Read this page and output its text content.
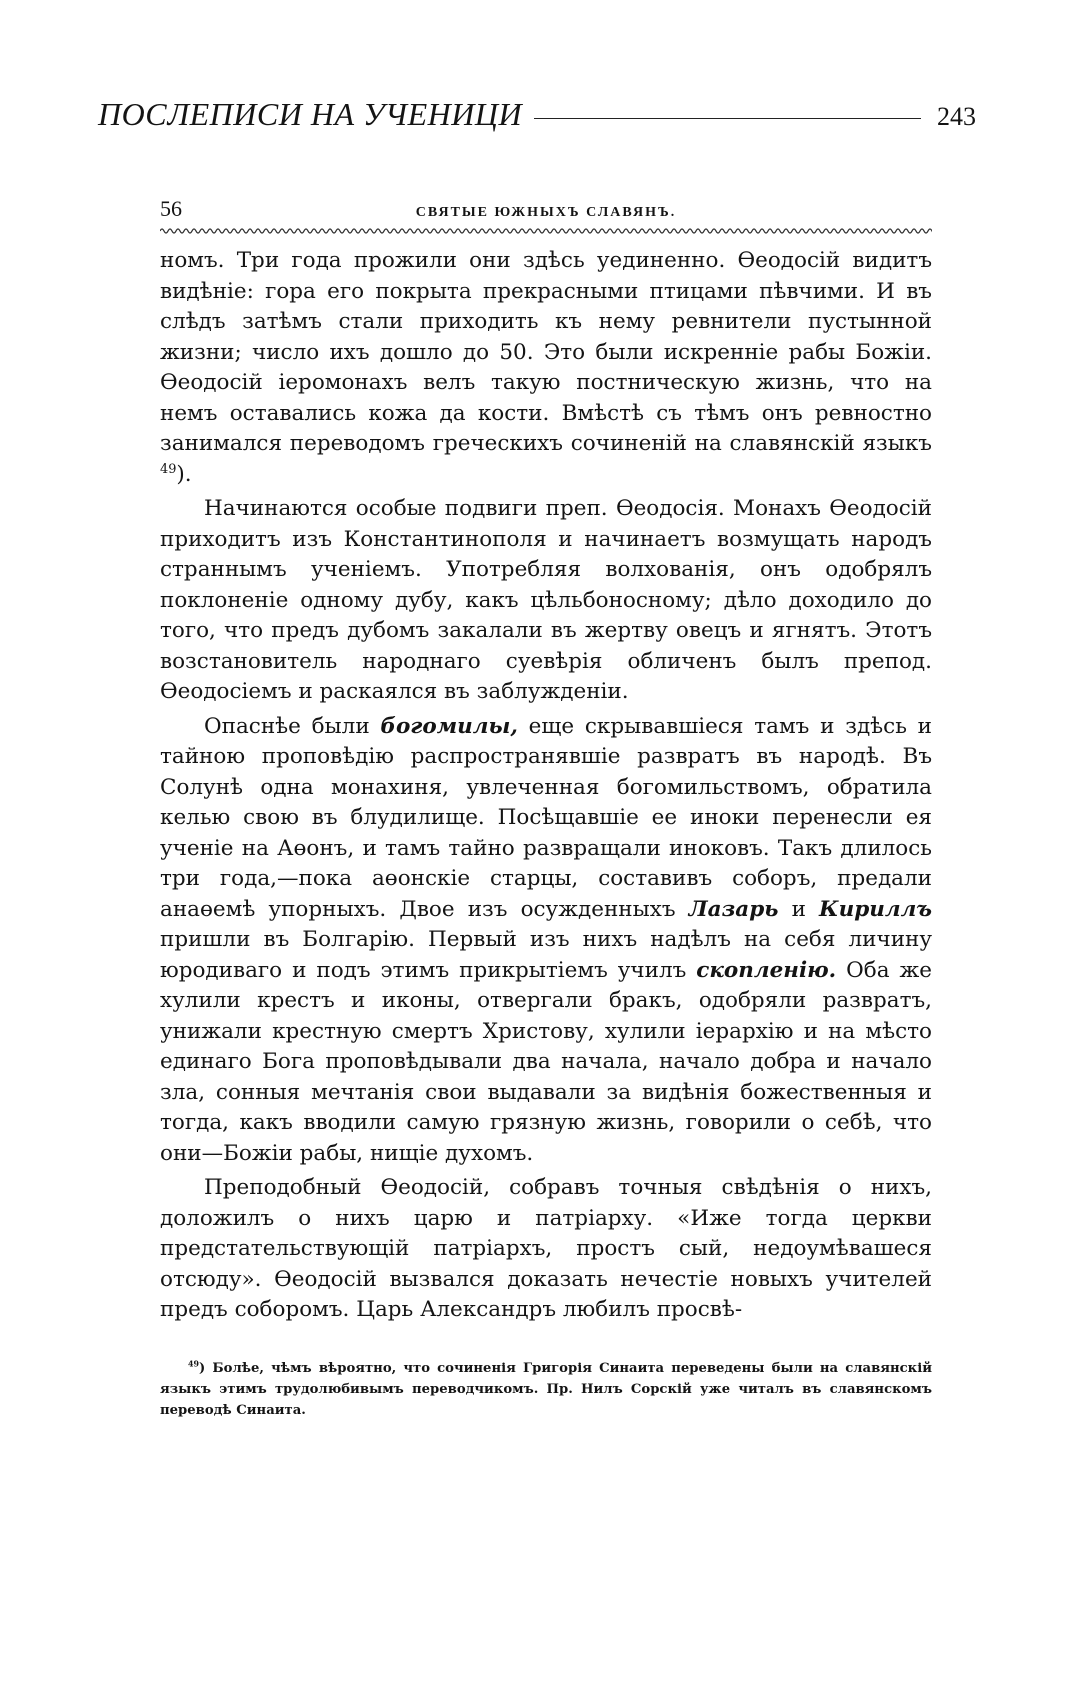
ПОСЛЕПИСИ НА УЧЕНИЦИ	243
56	СВЯТЫЕ ЮЖНЫХЪ СЛАВЯНЪ.

номъ. Три года прожили они здѣсь уединенно. Өеодосій видитъ видѣніе: гора его покрыта прекрасными птицами пѣвчими. И въ слѣдъ затѣмъ стали приходить къ нему ревнители пустынной жизни; число ихъ дошло до 50. Это были искренніе рабы Божіи. Өеодосій іеромонахъ велъ такую постническую жизнь, что на немъ оставались кожа да кости. Вмѣстѣ съ тѣмъ онъ ревностно занимался переводомъ греческихъ сочиненій на славянскій языкъ $^{49}$).

Начинаются особые подвиги преп. Өеодосія. Монахъ Өеодосій приходитъ изъ Константинополя и начинаетъ возмущать народъ страннымъ ученіемъ. Употребляя волхованія, онъ одобрялъ поклоненіе одному дубу, какъ цѣльбоносному; дѣло доходило до того, что предъ дубомъ закалали въ жертву овецъ и ягнятъ. Этотъ возстановитель народнаго суевѣрія обличенъ былъ препод. Өеодосіемъ и раскаялся въ заблужденіи.

Опаснѣе были богомилы, еще скрывавшіеся тамъ и здѣсь и тайною проповѣдію распространявшіе развратъ въ народѣ. Въ Солунѣ одна монахиня, увлеченная богомильствомъ, обратила келью свою въ блудилище. Посѣщавшіе ее иноки перенесли ея ученіе на Аөонъ, и тамъ тайно развращали иноковъ. Такъ длилось три года,—пока аөонскіе старцы, составивъ соборъ, предали анаөемѣ упорныхъ. Двое изъ осужденныхъ Лазарь и Кириллъ пришли въ Болгарію. Первый изъ нихъ надѣлъ на себя личину юродиваго и подъ этимъ прикрытіемъ училъ скопленію. Оба же хулили крестъ и иконы, отвергали бракъ, одобряли развратъ, унижали крестную смертъ Христову, хулили іерархію и на мѣсто единаго Бога проповѣдывали два начала, начало добра и начало зла, сонныя мечтанія свои выдавали за видѣнія божественныя и тогда, какъ вводили самую грязную жизнь, говорили о себѣ, что они—Божіи рабы, нищіе духомъ.

Преподобный Өеодосій, собравъ точныя свѣдѣнія о нихъ, доложилъ о нихъ царю и патріарху. «Иже тогда церкви предстательствующій патріархъ, простъ сый, недоумѣвашеся отсюду». Өеодосій вызвался доказать нечестіе новыхъ учителей предъ соборомъ. Царь Александръ любилъ просвѣ-

$^{49}$) Болѣе, чѣмъ вѣроятно, что сочиненія Григорія Синаита переведены были на славянскій языкъ этимъ трудолюбивымъ переводчикомъ. Пр. Нилъ Сорскій уже читалъ въ славянскомъ переводѣ Синаита.
